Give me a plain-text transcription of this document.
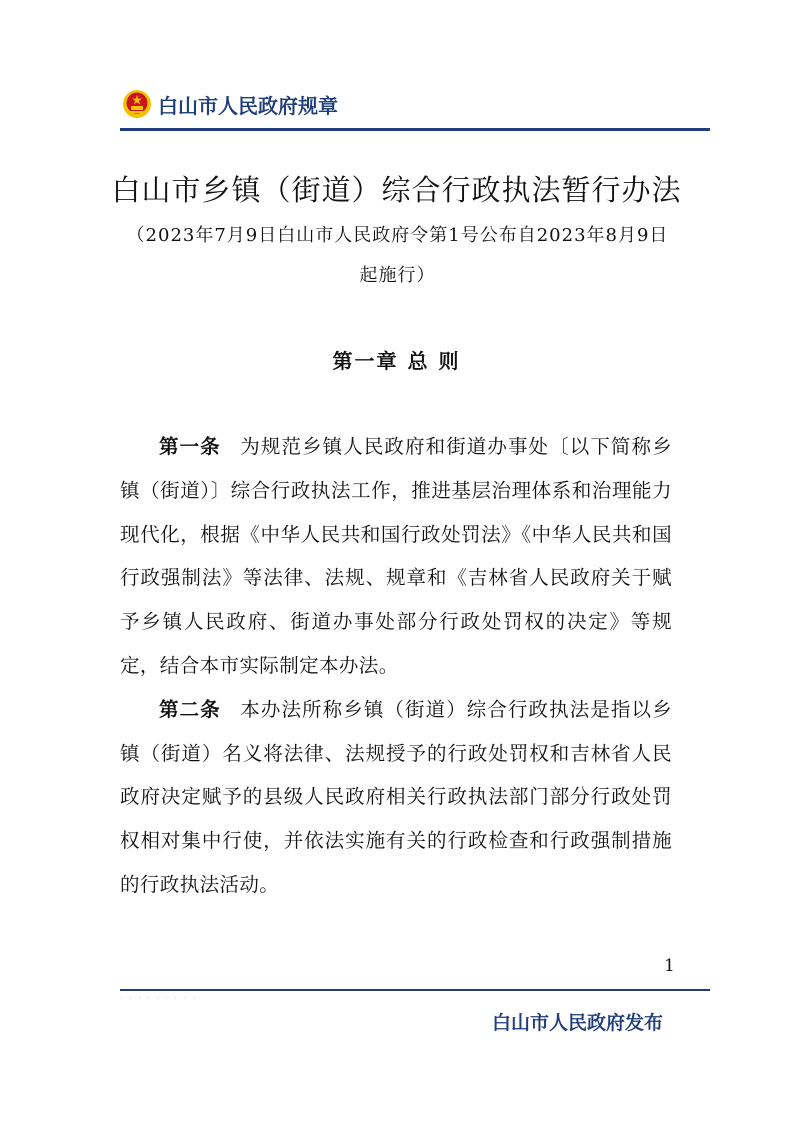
白山市人民政府规章
白山市乡镇（街道）综合行政执法暂行办法
（2023年7月9日白山市人民政府令第1号公布自2023年8月9日起施行）
第一章 总 则

第一条 为规范乡镇人民政府和街道办事处〔以下简称乡镇（街道）〕综合行政执法工作，推进基层治理体系和治理能力现代化，根据《中华人民共和国行政处罚法》《中华人民共和国行政强制法》等法律、法规、规章和《吉林省人民政府关于赋予乡镇人民政府、街道办事处部分行政处罚权的决定》等规定，结合本市实际制定本办法。

第二条 本办法所称乡镇（街道）综合行政执法是指以乡镇（街道）名义将法律、法规授予的行政处罚权和吉林省人民政府决定赋予的县级人民政府相关行政执法部门部分行政处罚权相对集中行使，并依法实施有关的行政检查和行政强制措施的行政执法活动。

1
· · · · · · · · ·
白山市人民政府发布
